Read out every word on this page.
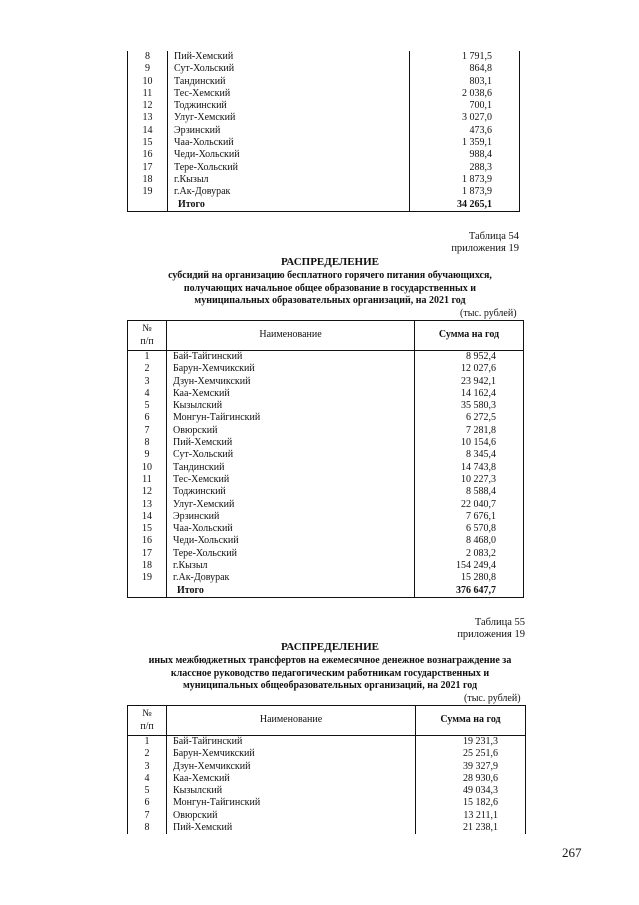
8	Пий-Хемский	1 791,5
9	Сут-Хольский	864,8
10	Тандинский	803,1
11	Тес-Хемский	2 038,6
12	Тоджинский	700,1
13	Улуг-Хемский	3 027,0
14	Эрзинский	473,6
15	Чаа-Хольский	1 359,1
16	Чеди-Хольский	988,4
17	Тере-Хольский	288,3
18	г.Кызыл	1 873,9
19	г.Ак-Довурак	1 873,9
	Итого	34 265,1
Таблица 54
приложения 19
РАСПРЕДЕЛЕНИЕ
субсидий на организацию бесплатного горячего питания обучающихся,
получающих начальное общее образование в государственных и
муниципальных образовательных организаций, на 2021 год
(тыс. рублей)
№
п/п	Наименование	Сумма на год
1	Бай-Тайгинский	8 952,4
2	Барун-Хемчикский	12 027,6
3	Дзун-Хемчикский	23 942,1
4	Каа-Хемский	14 162,4
5	Кызылский	35 580,3
6	Монгун-Тайгинский	6 272,5
7	Овюрский	7 281,8
8	Пий-Хемский	10 154,6
9	Сут-Хольский	8 345,4
10	Тандинский	14 743,8
11	Тес-Хемский	10 227,3
12	Тоджинский	8 588,4
13	Улуг-Хемский	22 040,7
14	Эрзинский	7 676,1
15	Чаа-Хольский	6 570,8
16	Чеди-Хольский	8 468,0
17	Тере-Хольский	2 083,2
18	г.Кызыл	154 249,4
19	г.Ак-Довурак	15 280,8
	Итого	376 647,7
Таблица 55
приложения 19
РАСПРЕДЕЛЕНИЕ
иных межбюджетных трансфертов на ежемесячное денежное вознаграждение за
классное руководство педагогическим работникам государственных и
муниципальных общеобразовательных организаций, на 2021 год
(тыс. рублей)
№
п/п	Наименование	Сумма на год
1	Бай-Тайгинский	19 231,3
2	Барун-Хемчикский	25 251,6
3	Дзун-Хемчикский	39 327,9
4	Каа-Хемский	28 930,6
5	Кызылский	49 034,3
6	Монгун-Тайгинский	15 182,6
7	Овюрский	13 211,1
8	Пий-Хемский	21 238,1
267
